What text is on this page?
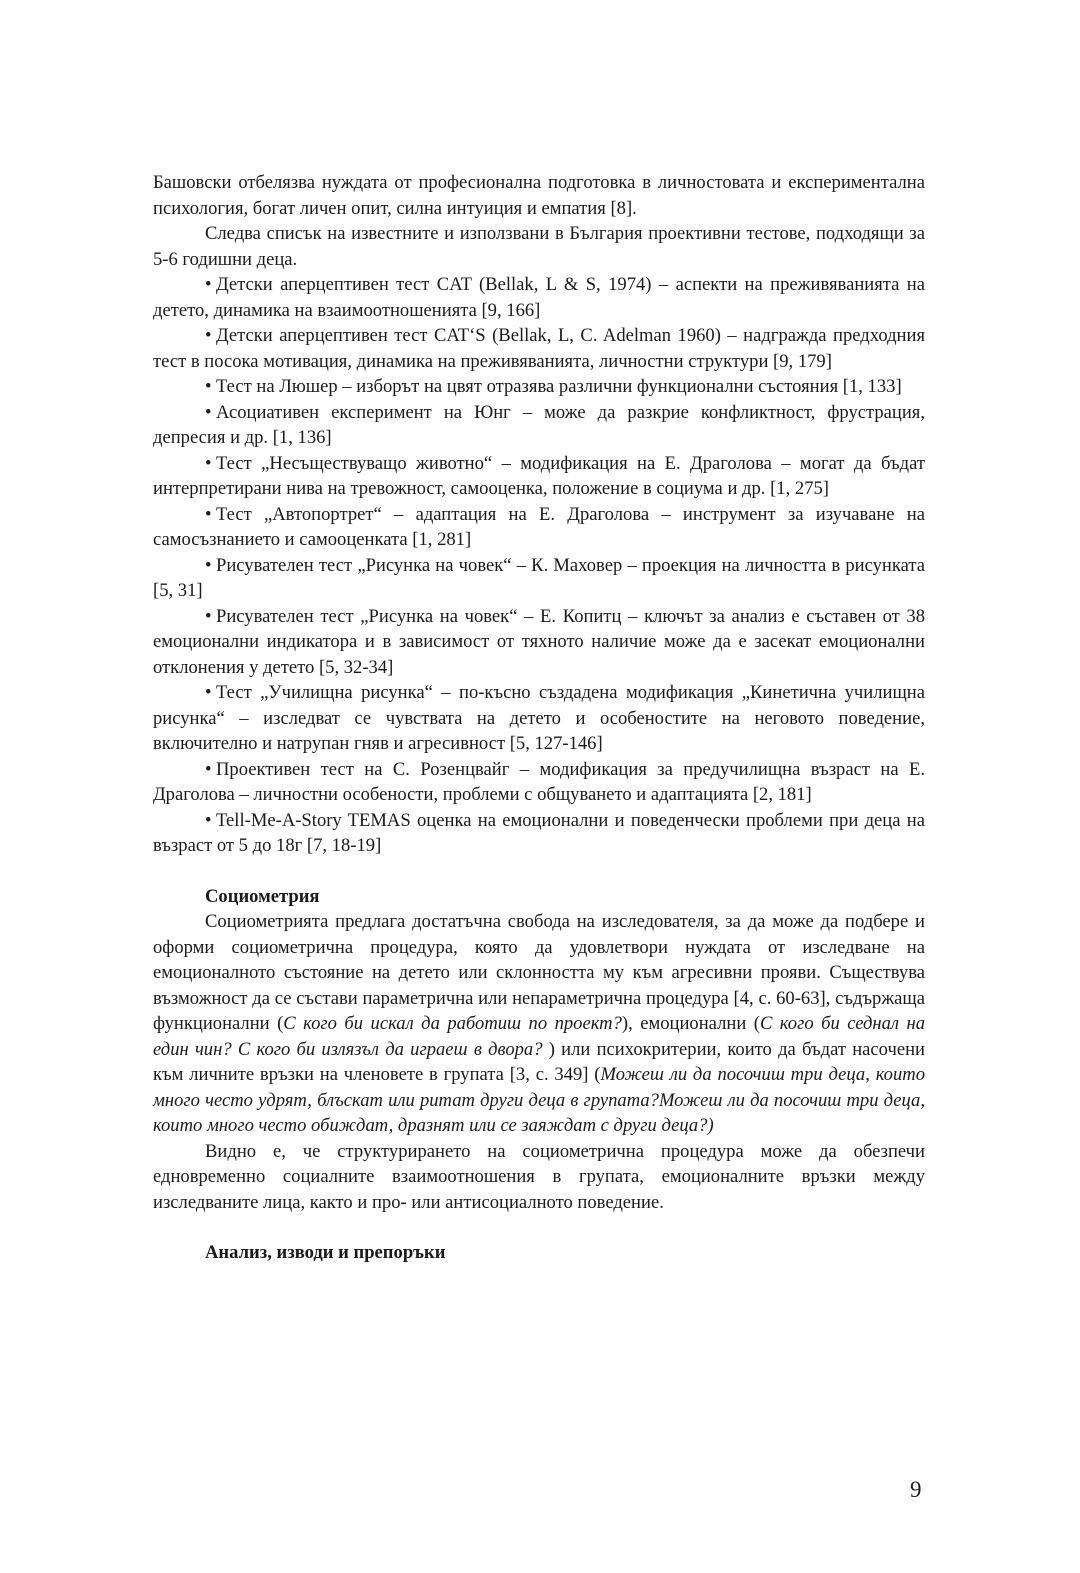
Башовски отбелязва нуждата от професионална подготовка в личностовата и експериментална психология, богат личен опит, силна интуиция и емпатия [8].

Следва списък на известните и използвани в България проективни тестове, подходящи за 5-6 годишни деца.

• Детски аперцептивен тест CAT (Bellak, L & S, 1974) – аспекти на преживяванията на детето, динамика на взаимоотношенията [9, 166]

• Детски аперцептивен тест CAT‘S (Bellak, L, C. Adelman 1960) – надгражда предходния тест в посока мотивация, динамика на преживяванията, личностни структури [9, 179]

• Тест на Люшер – изборът на цвят отразява различни функционални състояния [1, 133]

• Асоциативен експеримент на Юнг – може да разкрие конфликтност, фрустрация, депресия и др. [1, 136]

• Тест „Несъществуващо животно“ – модификация на Е. Драголова – могат да бъдат интерпретирани нива на тревожност, самооценка, положение в социума и др. [1, 275]

• Тест „Автопортрет“ – адаптация на Е. Драголова – инструмент за изучаване на самосъзнанието и самооценката [1, 281]

• Рисувателен тест „Рисунка на човек“ – К. Маховер – проекция на личността в рисунката [5, 31]

• Рисувателен тест „Рисунка на човек“ – Е. Копитц – ключът за анализ е съставен от 38 емоционални индикатора и в зависимост от тяхното наличие може да е засекат емоционални отклонения у детето [5, 32-34]

• Тест „Училищна рисунка“ – по-късно създадена модификация „Кинетична училищна рисунка“ – изследват се чувствата на детето и особеностите на неговото поведение, включително и натрупан гняв и агресивност [5, 127-146]

• Проективен тест на С. Розенцвайг – модификация за предучилищна възраст на Е. Драголова – личностни особености, проблеми с общуването и адаптацията [2, 181]

• Tell-Me-A-Story TEMAS оценка на емоционални и поведенчески проблеми при деца на възраст от 5 до 18г [7, 18-19]

Социометрия

Социометрията предлага достатъчна свобода на изследователя, за да може да подбере и оформи социометрична процедура, която да удовлетвори нуждата от изследване на емоционалното състояние на детето или склонността му към агресивни прояви. Съществува възможност да се състави параметрична или непараметрична процедура [4, с. 60-63], съдържаща функционални (С кого би искал да работиш по проект?), емоционални (С кого би седнал на един чин? С кого би излязъл да играеш в двора? ) или психокритерии, които да бъдат насочени към личните връзки на членовете в групата [3, с. 349] (Можеш ли да посочиш три деца, които много често удрят, блъскат или ритат други деца в групата?Можеш ли да посочиш три деца, които много често обиждат, дразнят или се заяждат с други деца?)

Видно е, че структурирането на социометрична процедура може да обезпечи едновременно социалните взаимоотношения в групата, емоционалните връзки между изследваните лица, както и про- или антисоциалното поведение.

Анализ, изводи и препоръки

9
